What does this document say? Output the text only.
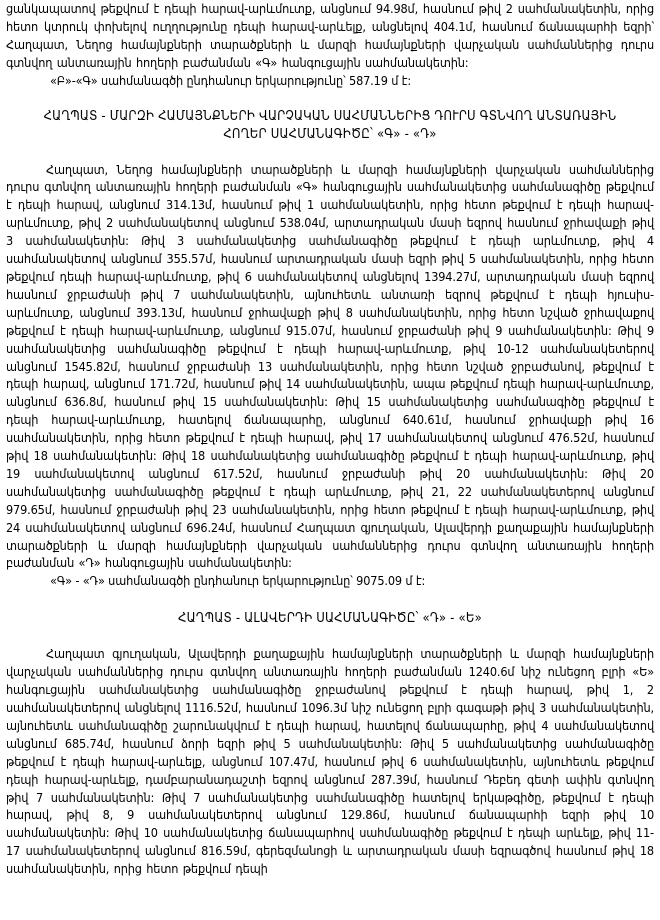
ցանկապատով թեքվում է դեպի հարավ-արևմուտք, անցնում 94.98մ, հասնում թիվ 2 սահմանակետին, որից հետո կտրուկ փոխելով ուղղությունը դեպի հարավ-արևելք, անցնելով 404.1մ, հասնում ճանապարհի եզրի՝ Հաղպատ, Նեղոց համայնքների տարածքների և մարզի համայնքների վարչական սահմաններից դուրս գտնվող անտառային հողերի բաժանման «Գ» հանգուցային սահմանակետին:

«Բ»-«Գ» սահմանագծի ընդհանուր երկարությունը՝ 587.19 մ է:

ՀԱՂՊԱՏ - ՄԱՐԶԻ ՀԱՄԱՅՆՔՆԵՐԻ ՎԱՐՉԱԿԱՆ ՍԱՀՄԱՆՆԵՐԻՑ ԴՈՒՐՍ ԳՏՆՎՈՂ ԱՆՏԱՌԱՅԻՆ

ՀՈՂԵՐ ՍԱՀՄԱՆԱԳԻԾԸ՝ «Գ» - «Դ»

Հաղպատ, Նեղոց համայնքների տարածքների և մարզի համայնքների վարչական սահմաններից դուրս գտնվող անտառային հողերի բաժանման «Գ» հանգուցային սահմանակետից սահմանագիծը թեքվում է դեպի հարավ, անցնում 314.13մ, հասնում թիվ 1 սահմանակետին, որից հետո թեքվում է դեպի հարավ-արևմուտք, թիվ 2 սահմանակետով անցնում 538.04մ, արտադրական մասի եզրով հասնում ջրհավաքի թիվ 3 սահմանակետին: Թիվ 3 սահմանակետից սահմանագիծը թեքվում է դեպի արևմուտք, թիվ 4 սահմանակետով անցնում 355.57մ, հասնում արտադրական մասի եզրի թիվ 5 սահմանակետին, որից հետո թեքվում դեպի հարավ-արևմուտք, թիվ 6 սահմանակետով անցնելով 1394.27մ, արտադրական մասի եզրով հասնում ջրբաժանի թիվ 7 սահմանակետին, այնուհետև անտառի եզրով թեքվում է դեպի հյուսիս-արևմուտք, անցնում 393.13մ, հասնում ջրհավաքի թիվ 8 սահմանակետին, որից հետո նշված ջրհավաքով թեքվում է դեպի հարավ-արևմուտք, անցնում 915.07մ, հասնում ջրբաժանի թիվ 9 սահմանակետին: Թիվ 9 սահմանակետից սահմանագիծը թեքվում է դեպի հարավ-արևմուտք, թիվ 10-12 սահմանակետերով անցնում 1545.82մ, հասնում ջրբաժանի 13 սահմանակետին, որից հետո նշված ջրբաժանով, թեքվում է դեպի հարավ, անցնում 171.72մ, հասնում թիվ 14 սահմանակետին, ապա թեքվում դեպի հարավ-արևմուտք, անցնում 636.8մ, հասնում թիվ 15 սահմանակետին: Թիվ 15 սահմանակետից սահմանագիծը թեքվում է դեպի հարավ-արևմուտք, հատելով ճանապարհը, անցնում 640.61մ, հասնում ջրհավաքի թիվ 16 սահմանակետին, որից հետո թեքվում է դեպի հարավ, թիվ 17 սահմանակետով անցնում 476.52մ, հասնում թիվ 18 սահմանակետին: Թիվ 18 սահմանակետից սահմանագիծը թեքվում է դեպի հարավ-արևմուտք, թիվ 19 սահմանակետով անցնում 617.52մ, հասնում ջրբաժանի թիվ 20 սահմանակետին: Թիվ 20 սահմանակետից սահմանագիծը թեքվում է դեպի արևմուտք, թիվ 21, 22 սահմանակետերով անցնում 979.65մ, հասնում ջրբաժանի թիվ 23 սահմանակետին, որից հետո թեքվում է դեպի հարավ-արևմուտք, թիվ 24 սահմանակետով անցնում 696.24մ, հասնում Հաղպատ գյուղական, Ալավերդի քաղաքային համայնքների տարածքների և մարզի համայնքների վարչական սահմաններից դուրս գտնվող անտառային հողերի բաժանման «Դ» հանգուցային սահմանակետին:

«Գ» - «Դ» սահմանագծի ընդհանուր երկարությունը՝ 9075.09 մ է:

ՀԱՂՊԱՏ - ԱԼԱՎԵՐԴԻ ՍԱՀՄԱՆԱԳԻԾԸ՝ «Դ» - «Ե»

Հաղպատ գյուղական, Ալավերդի քաղաքային համայնքների տարածքների և մարզի համայնքների վարչական սահմաններից դուրս գտնվող անտառային հողերի բաժանման 1240.6մ նիշ ունեցող բլրի «Ե» հանգուցային սահմանակետից սահմանագիծը ջրբաժանով թեքվում է դեպի հարավ, թիվ 1, 2 սահմանակետերով անցնելով 1116.52մ, հասնում 1096.3մ նիշ ունեցող բլրի գագաթի թիվ 3 սահմանակետին, այնուհետև սահմանագիծը շարունակվում է դեպի հարավ, հատելով ճանապարհը, թիվ 4 սահմանակետով անցնում 685.74մ, հասնում ձորի եզրի թիվ 5 սահմանակետին: Թիվ 5 սահմանակետից սահմանագիծը թեքվում է դեպի հարավ-արևելք, անցնում 107.47մ, հասնում թիվ 6 սահմանակետին, այնուհետև թեքվում դեպի հարավ-արևելք, դամբարանադաշտի եզրով անցնում 287.39մ, հասնում Դեբեդ գետի ափին գտնվող թիվ 7 սահմանակետին: Թիվ 7 սահմանակետից սահմանագիծը հատելով երկաթգիծը, թեքվում է դեպի հարավ, թիվ 8, 9 սահմանակետերով անցնում 129.86մ, հասնում ճանապարհի եզրի թիվ 10 սահմանակետին: Թիվ 10 սահմանակետից ճանապարհով սահմանագիծը թեքվում է դեպի արևելք, թիվ 11-17 սահմանակետերով անցնում 816.59մ, գերեզմանոցի և արտադրական մասի եզրագծով հասնում թիվ 18 սահմանակետին, որից հետո թեքվում դեպի
